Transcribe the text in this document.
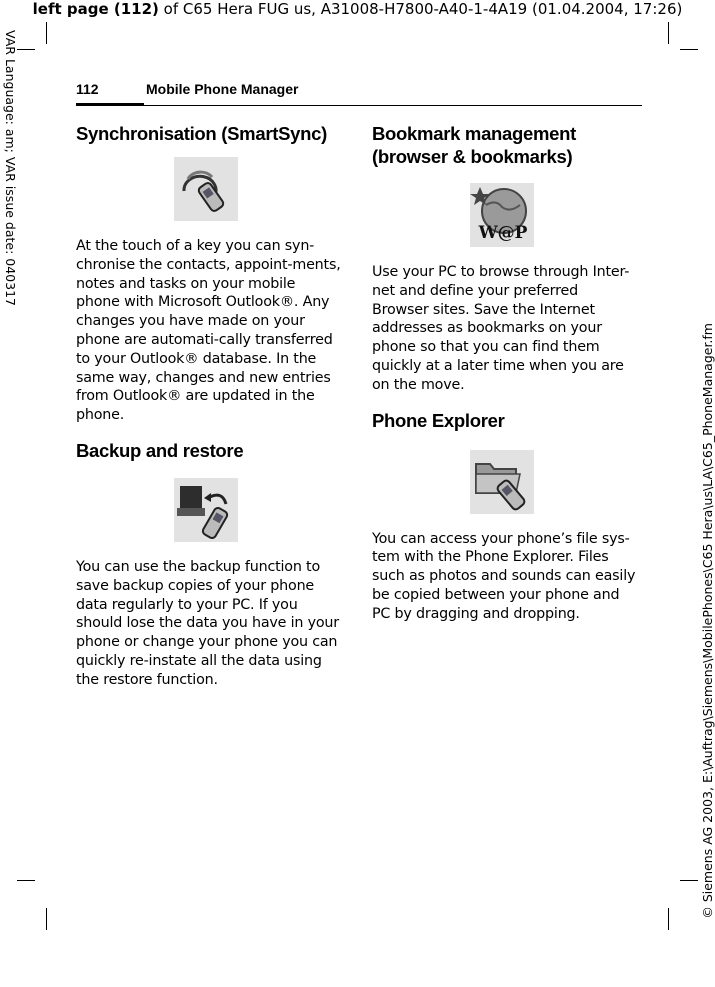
left page (112) of C65 Hera FUG us, A31008-H7800-A40-1-4A19 (01.04.2004, 17:26)
VAR Language: am; VAR issue date: 040317
© Siemens AG 2003, E:\Auftrag\Siemens\MobilePhones\C65 Hera\us\LA\C65_PhoneManager.fm
112	Mobile Phone Manager
Synchronisation (SmartSync)

At the touch of a key you can syn-chronise the contacts, appoint-ments, notes and tasks on your mobile phone with Microsoft Outlook®. Any changes you have made on your phone are automati-cally transferred to your Outlook® database. In the same way, changes and new entries from Outlook® are updated in the phone.

Backup and restore

You can use the backup function to save backup copies of your phone data regularly to your PC. If you should lose the data you have in your phone or change your phone you can quickly re-instate all the data using the restore function.

Bookmark management
(browser & bookmarks)
W@P

Use your PC to browse through Inter-net and define your preferred Browser sites. Save the Internet addresses as bookmarks on your phone so that you can find them quickly at a later time when you are on the move.

Phone Explorer

You can access your phone’s file sys-tem with the Phone Explorer. Files such as photos and sounds can easily be copied between your phone and PC by dragging and dropping.
